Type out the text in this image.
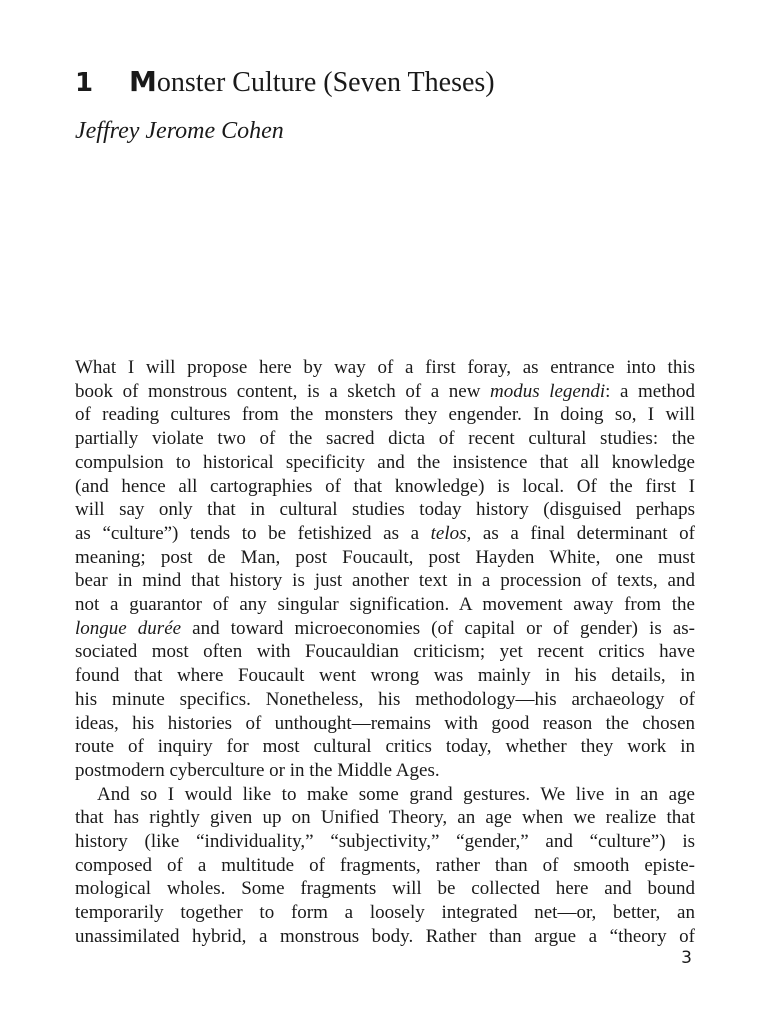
1 Monster Culture (Seven Theses)
Jeffrey Jerome Cohen

What I will propose here by way of a first foray, as entrance into this
book of monstrous content, is a sketch of a new modus legendi: a method
of reading cultures from the monsters they engender. In doing so, I will
partially violate two of the sacred dicta of recent cultural studies: the
compulsion to historical specificity and the insistence that all knowledge
(and hence all cartographies of that knowledge) is local. Of the first I
will say only that in cultural studies today history (disguised perhaps
as “culture”) tends to be fetishized as a telos, as a final determinant of
meaning; post de Man, post Foucault, post Hayden White, one must
bear in mind that history is just another text in a procession of texts, and
not a guarantor of any singular signification. A movement away from the
longue durée and toward microeconomies (of capital or of gender) is as-
sociated most often with Foucauldian criticism; yet recent critics have
found that where Foucault went wrong was mainly in his details, in
his minute specifics. Nonetheless, his methodology—his archaeology of
ideas, his histories of unthought—remains with good reason the chosen
route of inquiry for most cultural critics today, whether they work in
postmodern cyberculture or in the Middle Ages.

And so I would like to make some grand gestures. We live in an age
that has rightly given up on Unified Theory, an age when we realize that
history (like “individuality,” “subjectivity,” “gender,” and “culture”) is
composed of a multitude of fragments, rather than of smooth episte-
mological wholes. Some fragments will be collected here and bound
temporarily together to form a loosely integrated net—or, better, an
unassimilated hybrid, a monstrous body. Rather than argue a “theory of

3
